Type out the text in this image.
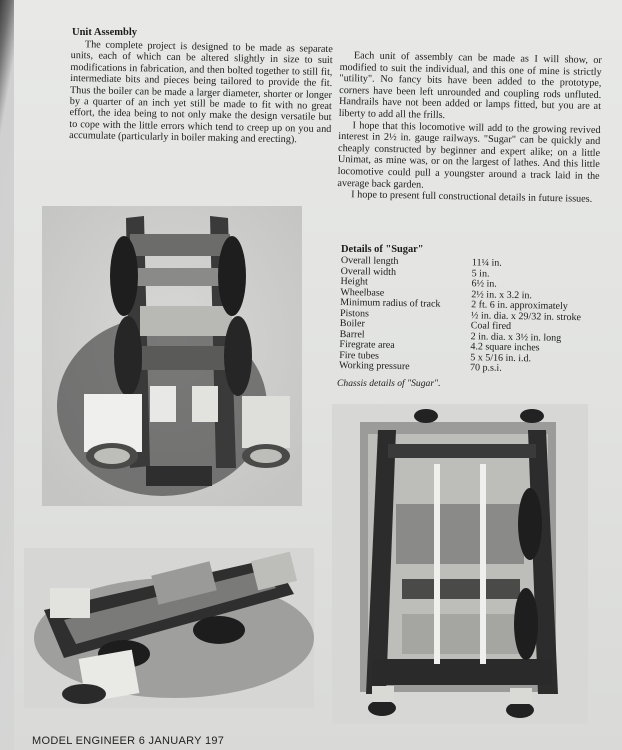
Unit Assembly

The complete project is designed to be made as separate units, each of which can be altered slightly in size to suit modifications in fabrication, and then bolted together to still fit, intermediate bits and pieces being tailored to provide the fit. Thus the boiler can be made a larger diameter, shorter or longer by a quarter of an inch yet still be made to fit with no great effort, the idea being to not only make the design versatile but to cope with the little errors which tend to creep up on you and accumulate (particularly in boiler making and erecting).

Each unit of assembly can be made as I will show, or modified to suit the individual, and this one of mine is strictly "utility". No fancy bits have been added to the prototype, corners have been left unrounded and coupling rods unfluted. Handrails have not been added or lamps fitted, but you are at liberty to add all the frills.

I hope that this locomotive will add to the growing revived interest in 2½ in. gauge railways. "Sugar" can be quickly and cheaply constructed by beginner and expert alike; on a little Unimat, as mine was, or on the largest of lathes. And this little locomotive could pull a youngster around a track laid in the average back garden.

I hope to present full constructional details in future issues.

Details of "Sugar"
Overall length	11¼ in.
Overall width	5 in.
Height	6½ in.
Wheelbase	2½ in. x 3.2 in.
Minimum radius of track	2 ft. 6 in. approximately
Pistons	½ in. dia. x 29/32 in. stroke
Boiler	Coal fired
Barrel	2 in. dia. x 3½ in. long
Firegrate area	4.2 square inches
Fire tubes	5 x 5/16 in. i.d.
Working pressure	70 p.s.i.
Chassis details of "Sugar".
MODEL ENGINEER 6 JANUARY 197
